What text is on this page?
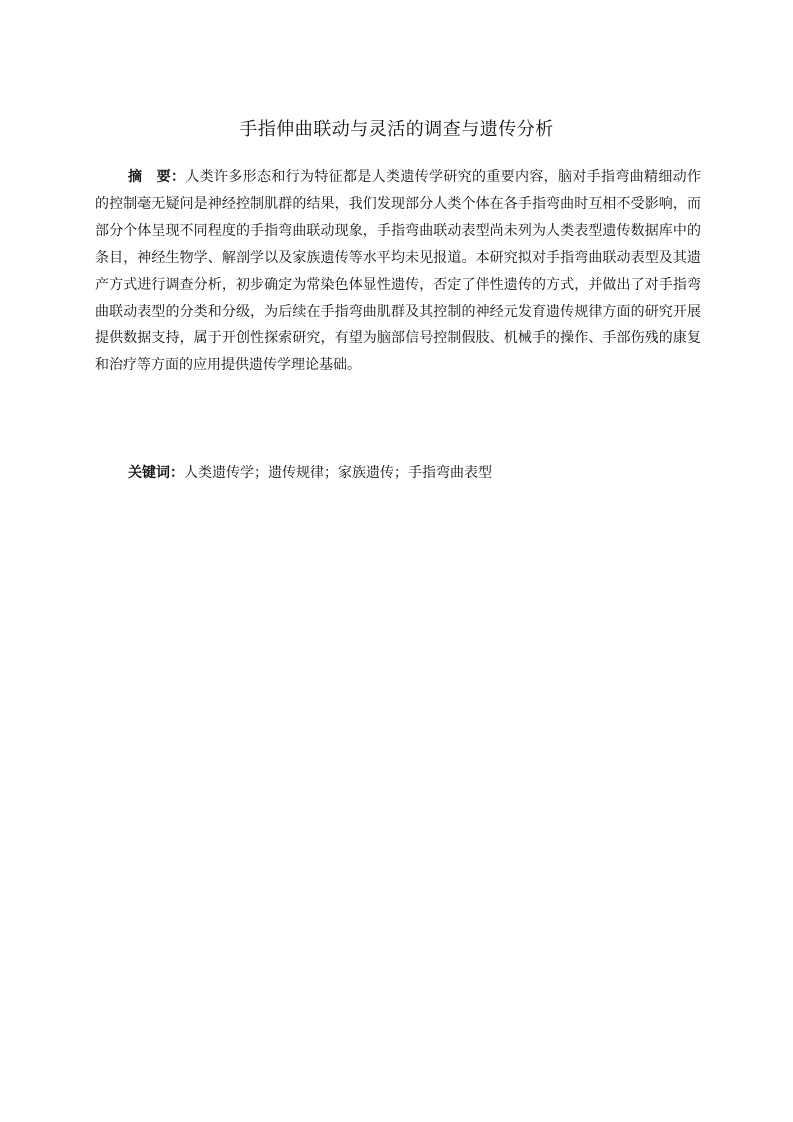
手指伸曲联动与灵活的调查与遗传分析
摘　要：人类许多形态和行为特征都是人类遗传学研究的重要内容，脑对手指弯曲精细动作的控制毫无疑问是神经控制肌群的结果，我们发现部分人类个体在各手指弯曲时互相不受影响，而部分个体呈现不同程度的手指弯曲联动现象，手指弯曲联动表型尚未列为人类表型遗传数据库中的条目，神经生物学、解剖学以及家族遗传等水平均未见报道。本研究拟对手指弯曲联动表型及其遗产方式进行调查分析，初步确定为常染色体显性遗传，否定了伴性遗传的方式，并做出了对手指弯曲联动表型的分类和分级，为后续在手指弯曲肌群及其控制的神经元发育遗传规律方面的研究开展提供数据支持，属于开创性探索研究，有望为脑部信号控制假肢、机械手的操作、手部伤残的康复和治疗等方面的应用提供遗传学理论基础。
关键词：人类遗传学；遗传规律；家族遗传；手指弯曲表型
